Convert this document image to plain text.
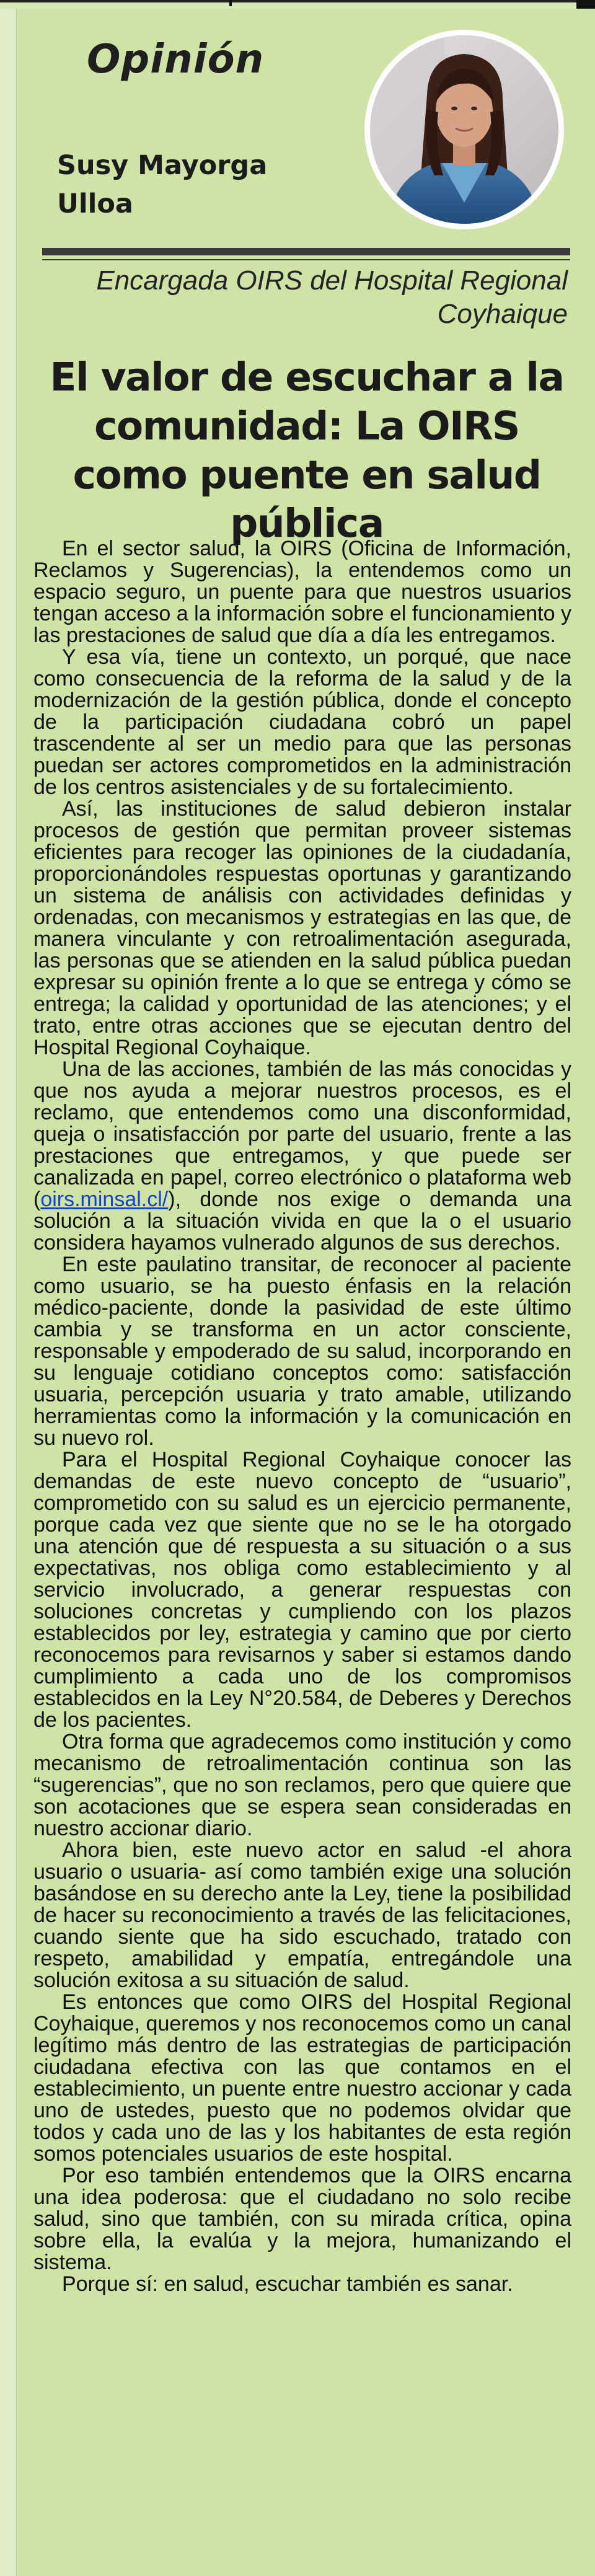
Opinión
Susy Mayorga Ulloa

Encargada OIRS del Hospital Regional Coyhaique

El valor de escuchar a la comunidad: La OIRS como puente en salud pública

En el sector salud, la OIRS (Oficina de Información, Reclamos y Sugerencias), la entendemos como un espacio seguro, un puente para que nuestros usuarios tengan acceso a la información sobre el funcionamiento y las prestaciones de salud que día a día les entregamos.

Y esa vía, tiene un contexto, un porqué, que nace como consecuencia de la reforma de la salud y de la modernización de la gestión pública, donde el concepto de la participación ciudadana cobró un papel trascendente al ser un medio para que las personas puedan ser actores comprometidos en la administración de los centros asistenciales y de su fortalecimiento.

Así, las instituciones de salud debieron instalar procesos de gestión que permitan proveer sistemas eficientes para recoger las opiniones de la ciudadanía, proporcionándoles respuestas oportunas y garantizando un sistema de análisis con actividades definidas y ordenadas, con mecanismos y estrategias en las que, de manera vinculante y con retroalimentación asegurada, las personas que se atienden en la salud pública puedan expresar su opinión frente a lo que se entrega y cómo se entrega; la calidad y oportunidad de las atenciones; y el trato, entre otras acciones que se ejecutan dentro del Hospital Regional Coyhaique.

Una de las acciones, también de las más conocidas y que nos ayuda a mejorar nuestros procesos, es el reclamo, que entendemos como una disconformidad, queja o insatisfacción por parte del usuario, frente a las prestaciones que entregamos, y que puede ser canalizada en papel, correo electrónico o plataforma web (oirs.minsal.cl/), donde nos exige o demanda una solución a la situación vivida en que la o el usuario considera hayamos vulnerado algunos de sus derechos.

En este paulatino transitar, de reconocer al paciente como usuario, se ha puesto énfasis en la relación médico-paciente, donde la pasividad de este último cambia y se transforma en un actor consciente, responsable y empoderado de su salud, incorporando en su lenguaje cotidiano conceptos como: satisfacción usuaria, percepción usuaria y trato amable, utilizando herramientas como la información y la comunicación en su nuevo rol.

Para el Hospital Regional Coyhaique conocer las demandas de este nuevo concepto de “usuario”, comprometido con su salud es un ejercicio permanente, porque cada vez que siente que no se le ha otorgado una atención que dé respuesta a su situación o a sus expectativas, nos obliga como establecimiento y al servicio involucrado, a generar respuestas con soluciones concretas y cumpliendo con los plazos establecidos por ley, estrategia y camino que por cierto reconocemos para revisarnos y saber si estamos dando cumplimiento a cada uno de los compromisos establecidos en la Ley N°20.584, de Deberes y Derechos de los pacientes.

Otra forma que agradecemos como institución y como mecanismo de retroalimentación continua son las “sugerencias”, que no son reclamos, pero que quiere que son acotaciones que se espera sean consideradas en nuestro accionar diario.

Ahora bien, este nuevo actor en salud -el ahora usuario o usuaria- así como también exige una solución basándose en su derecho ante la Ley, tiene la posibilidad de hacer su reconocimiento a través de las felicitaciones, cuando siente que ha sido escuchado, tratado con respeto, amabilidad y empatía, entregándole una solución exitosa a su situación de salud.

Es entonces que como OIRS del Hospital Regional Coyhaique, queremos y nos reconocemos como un canal legítimo más dentro de las estrategias de participación ciudadana efectiva con las que contamos en el establecimiento, un puente entre nuestro accionar y cada uno de ustedes, puesto que no podemos olvidar que todos y cada uno de las y los habitantes de esta región somos potenciales usuarios de este hospital.

Por eso también entendemos que la OIRS encarna una idea poderosa: que el ciudadano no solo recibe salud, sino que también, con su mirada crítica, opina sobre ella, la evalúa y la mejora, humanizando el sistema.

Porque sí: en salud, escuchar también es sanar.
